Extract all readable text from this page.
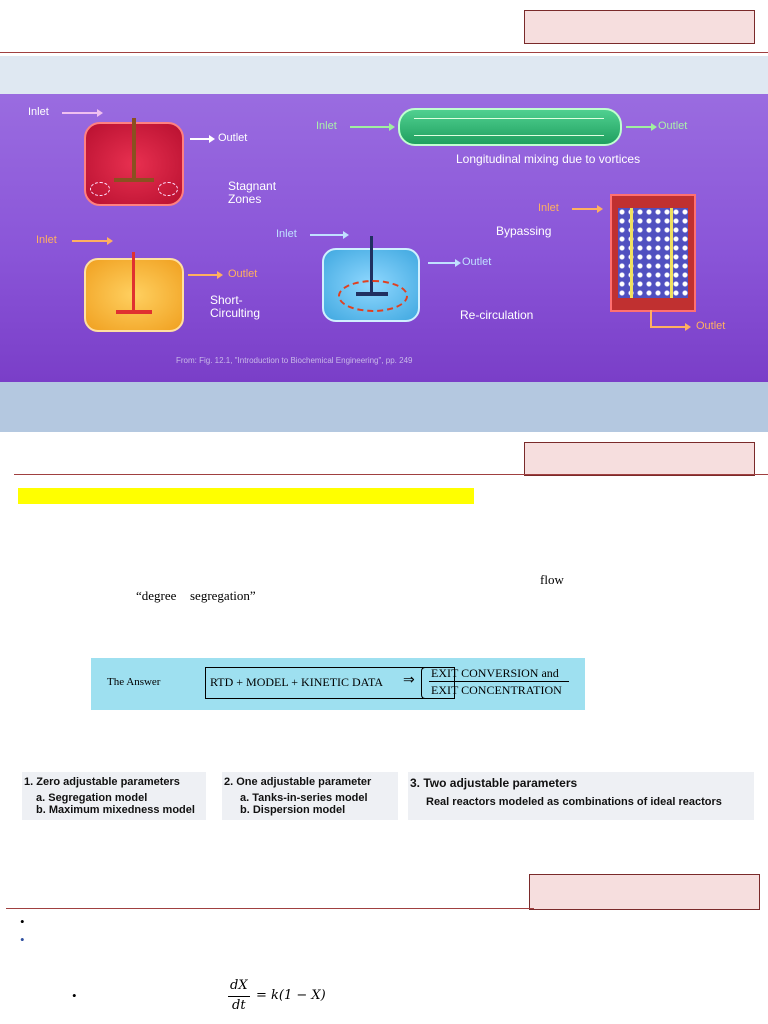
Inlet
Outlet
Stagnant
Zones
Inlet	Outlet
Longitudinal mixing due to vortices
Inlet
Bypassing
Outlet
Inlet
Outlet
Short-
Circulting
Inlet
Outlet
Re-circulation
From: Fig. 12.1, "Introduction to Biochemical Engineering", pp. 249
flow
“degree segregation”
The Answer	RTD + MODEL + KINETIC DATA ⇒ EXIT CONVERSION and
EXIT CONCENTRATION
1. Zero adjustable parameters
a. Segregation model
b. Maximum mixedness model
2. One adjustable parameter
a. Tanks-in-series model
b. Dispersion model
3. Two adjustable parameters
Real reactors modeled as combinations of ideal reactors
•
•
•
dX
dt
= k(1 − X)
